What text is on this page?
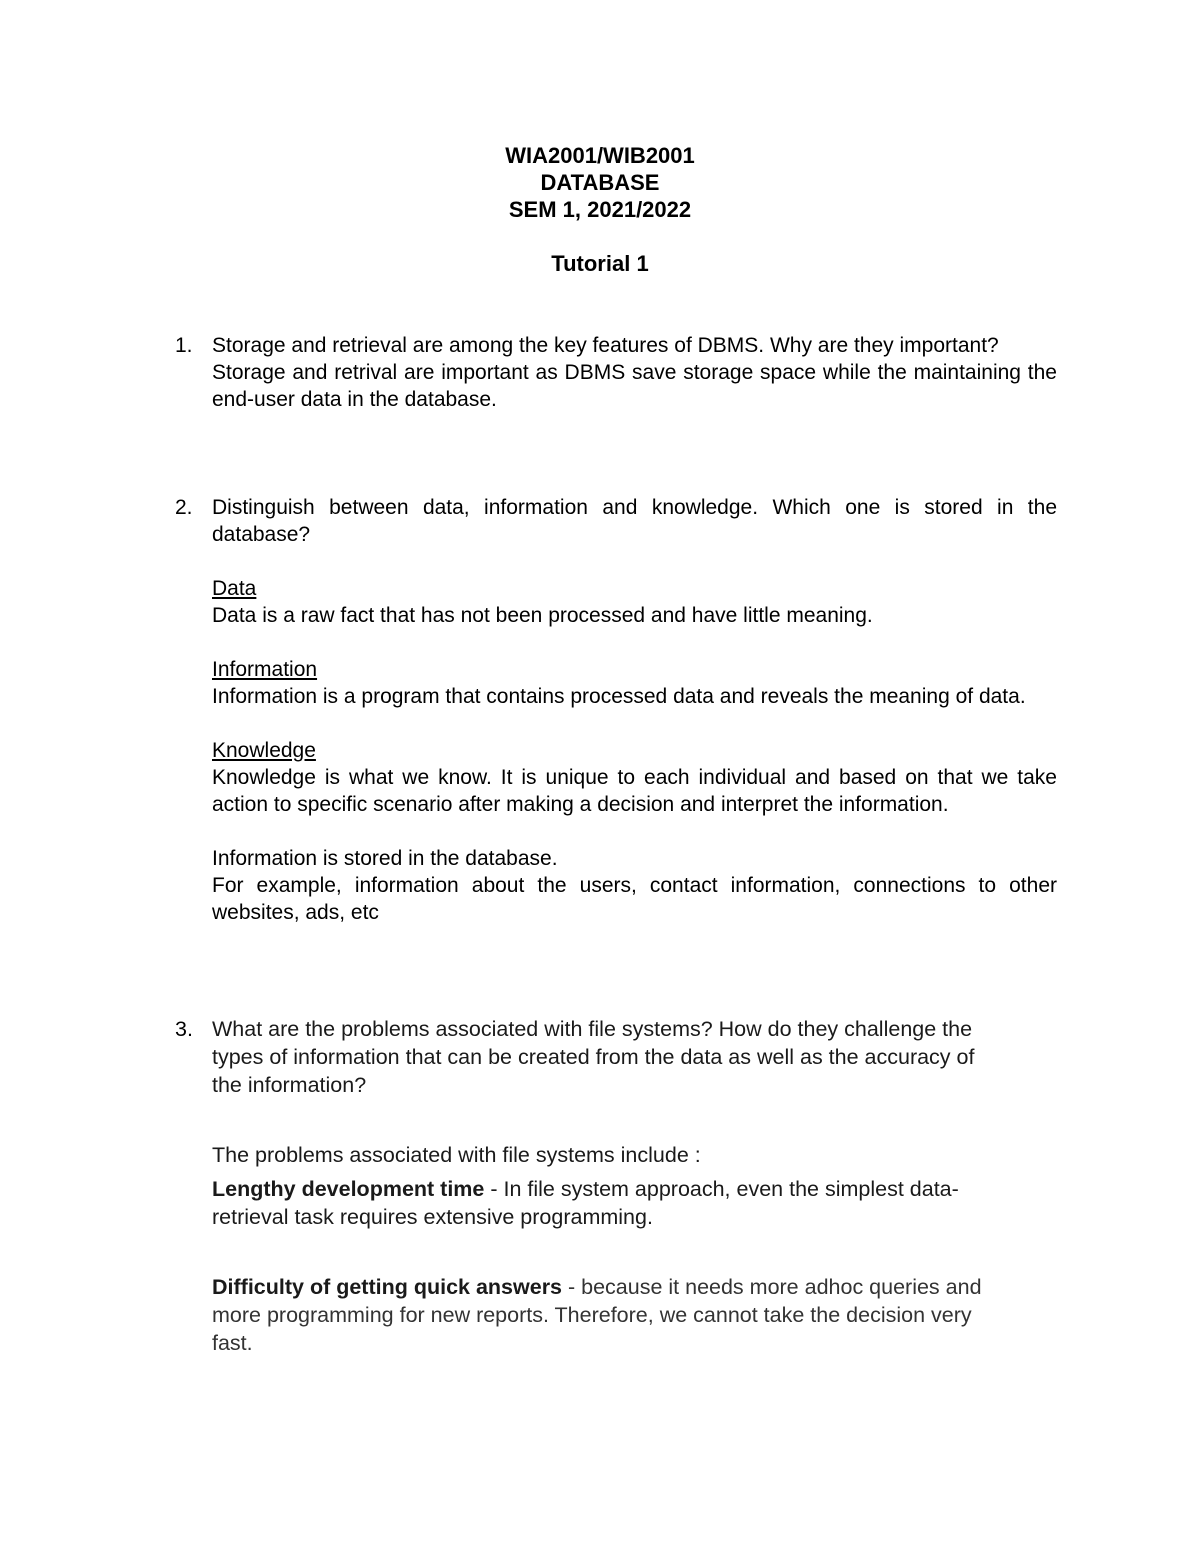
WIA2001/WIB2001
DATABASE
SEM 1, 2021/2022
Tutorial 1
1. Storage and retrieval are among the key features of DBMS. Why are they important?
Storage and retrival are important as DBMS save storage space while the maintaining the end-user data in the database.
2. Distinguish between data, information and knowledge. Which one is stored in the database?
Data
Data is a raw fact that has not been processed and have little meaning.
Information
Information is a program that contains processed data and reveals the meaning of data.
Knowledge
Knowledge is what we know. It is unique to each individual and based on that we take action to specific scenario after making a decision and interpret the information.
Information is stored in the database.
For example, information about the users, contact information, connections to other websites, ads, etc
3. What are the problems associated with file systems? How do they challenge the
types of information that can be created from the data as well as the accuracy of
the information?
The problems associated with file systems include :
Lengthy development time - In file system approach, even the simplest data-
retrieval task requires extensive programming.
Difficulty of getting quick answers - because it needs more adhoc queries and
more programming for new reports. Therefore, we cannot take the decision very
fast.
